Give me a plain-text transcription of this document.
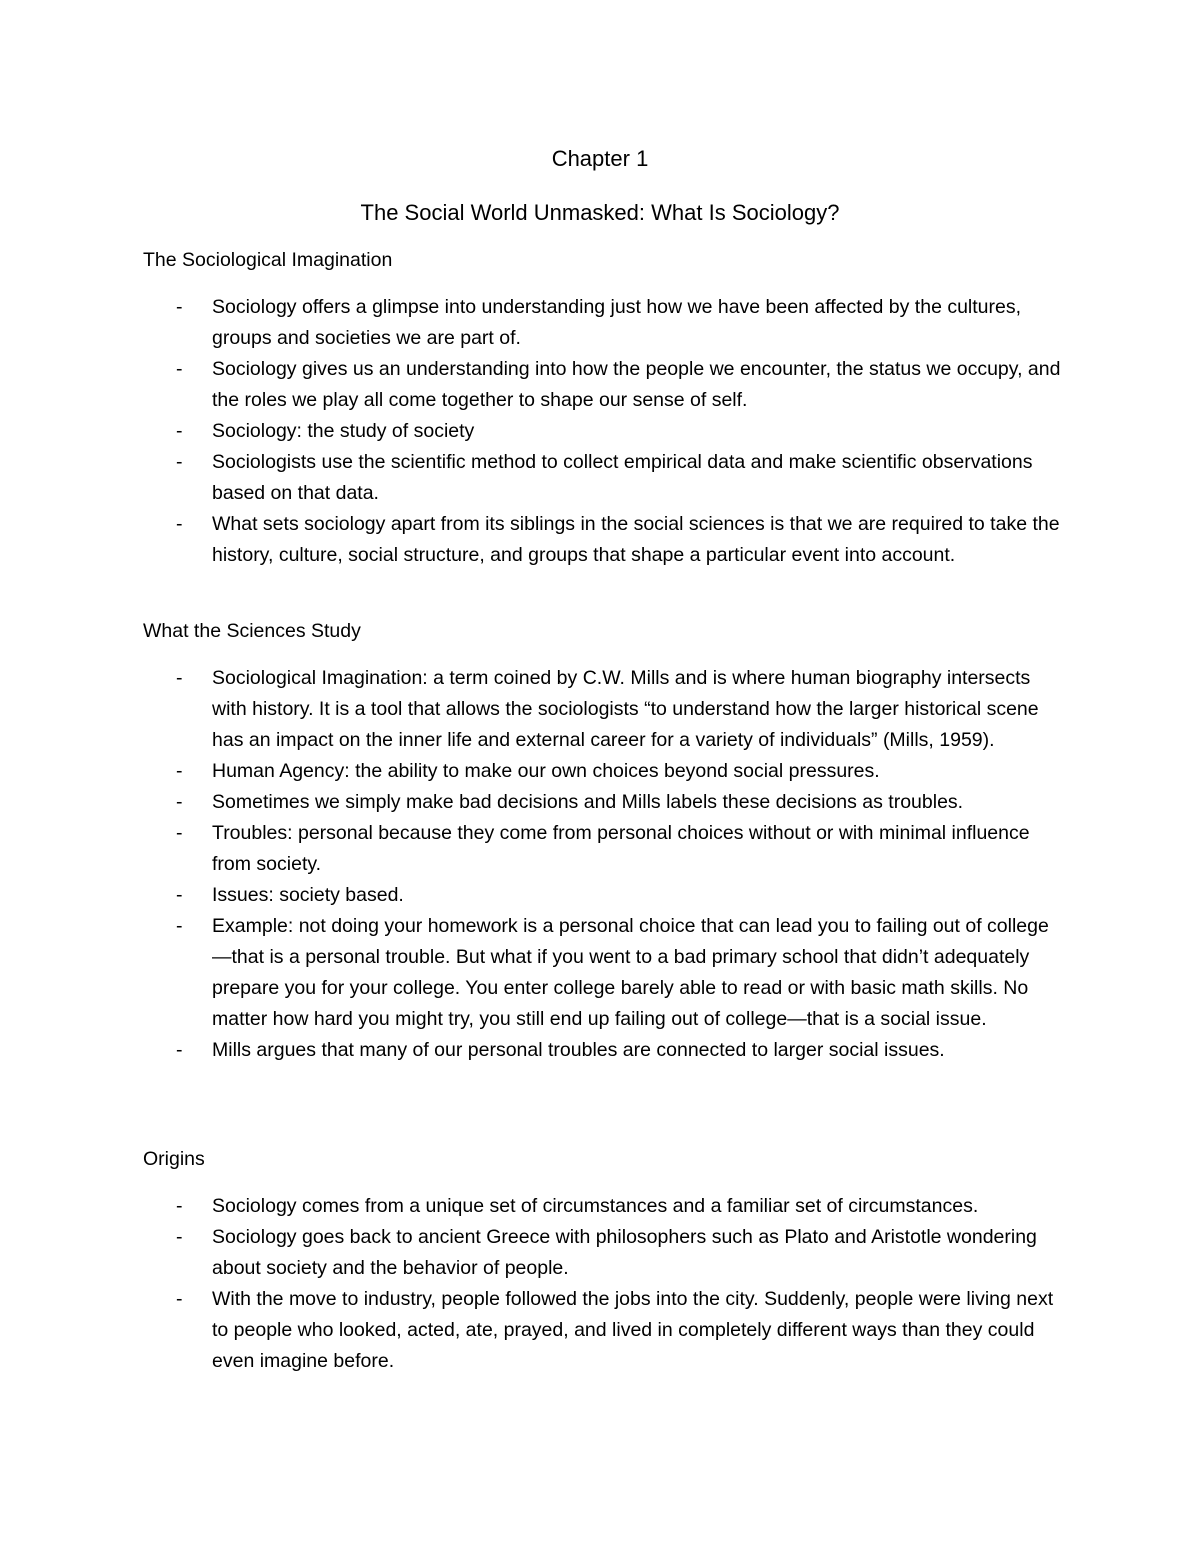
Chapter 1
The Social World Unmasked: What Is Sociology?
The Sociological Imagination
- Sociology offers a glimpse into understanding just how we have been affected by the cultures, groups and societies we are part of.
- Sociology gives us an understanding into how the people we encounter, the status we occupy, and the roles we play all come together to shape our sense of self.
- Sociology: the study of society
- Sociologists use the scientific method to collect empirical data and make scientific observations based on that data.
- What sets sociology apart from its siblings in the social sciences is that we are required to take the history, culture, social structure, and groups that shape a particular event into account.
What the Sciences Study
- Sociological Imagination: a term coined by C.W. Mills and is where human biography intersects with history. It is a tool that allows the sociologists “to understand how the larger historical scene has an impact on the inner life and external career for a variety of individuals” (Mills, 1959).
- Human Agency: the ability to make our own choices beyond social pressures.
- Sometimes we simply make bad decisions and Mills labels these decisions as troubles.
- Troubles: personal because they come from personal choices without or with minimal influence from society.
- Issues: society based.
- Example: not doing your homework is a personal choice that can lead you to failing out of college—that is a personal trouble. But what if you went to a bad primary school that didn’t adequately prepare you for your college. You enter college barely able to read or with basic math skills. No matter how hard you might try, you still end up failing out of college—that is a social issue.
- Mills argues that many of our personal troubles are connected to larger social issues.
Origins
- Sociology comes from a unique set of circumstances and a familiar set of circumstances.
- Sociology goes back to ancient Greece with philosophers such as Plato and Aristotle wondering about society and the behavior of people.
- With the move to industry, people followed the jobs into the city. Suddenly, people were living next to people who looked, acted, ate, prayed, and lived in completely different ways than they could even imagine before.
